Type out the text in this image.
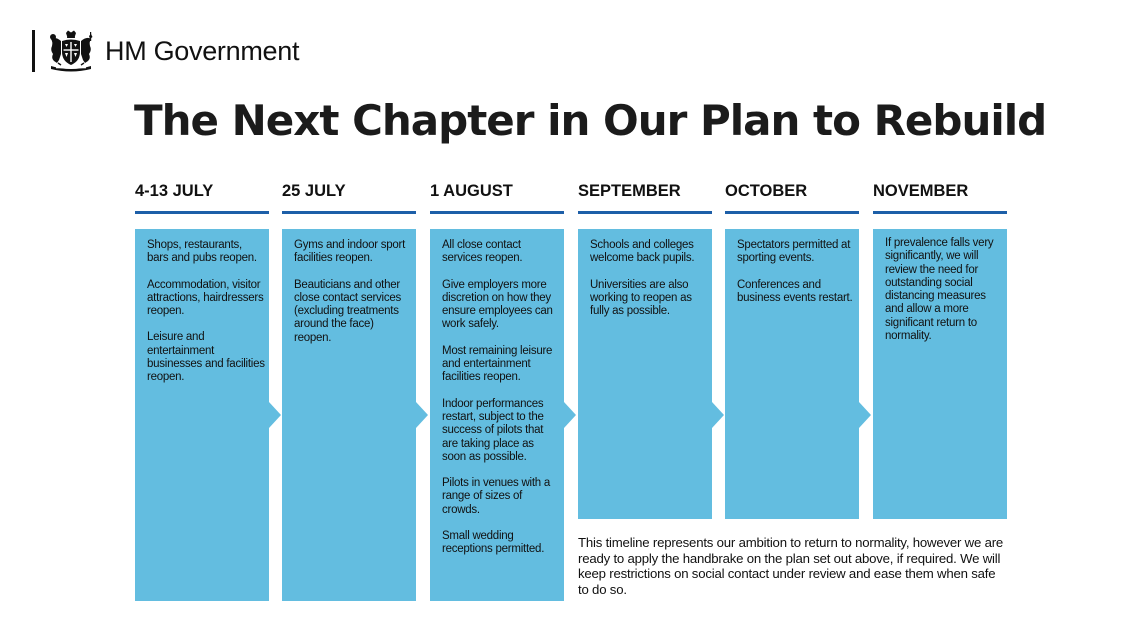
HM Government
The Next Chapter in Our Plan to Rebuild
4-13 JULY

Shops, restaurants, bars and pubs reopen.

Accommodation, visitor attractions, hairdressers reopen.

Leisure and entertainment businesses and facilities reopen.

25 JULY

Gyms and indoor sport facilities reopen.

Beauticians and other close contact services (excluding treatments around the face) reopen.

1 AUGUST

All close contact services reopen.

Give employers more discretion on how they ensure employees can work safely.

Most remaining leisure and entertainment facilities reopen.

Indoor performances restart, subject to the success of pilots that are taking place as soon as possible.

Pilots in venues with a range of sizes of crowds.

Small wedding receptions permitted.

SEPTEMBER

Schools and colleges welcome back pupils.

Universities are also working to reopen as fully as possible.

OCTOBER

Spectators permitted at sporting events.

Conferences and business events restart.

NOVEMBER

If prevalence falls very significantly, we will review the need for outstanding social distancing measures and allow a more significant return to normality.

This timeline represents our ambition to return to normality, however we are ready to apply the handbrake on the plan set out above, if required. We will keep restrictions on social contact under review and ease them when safe to do so.
